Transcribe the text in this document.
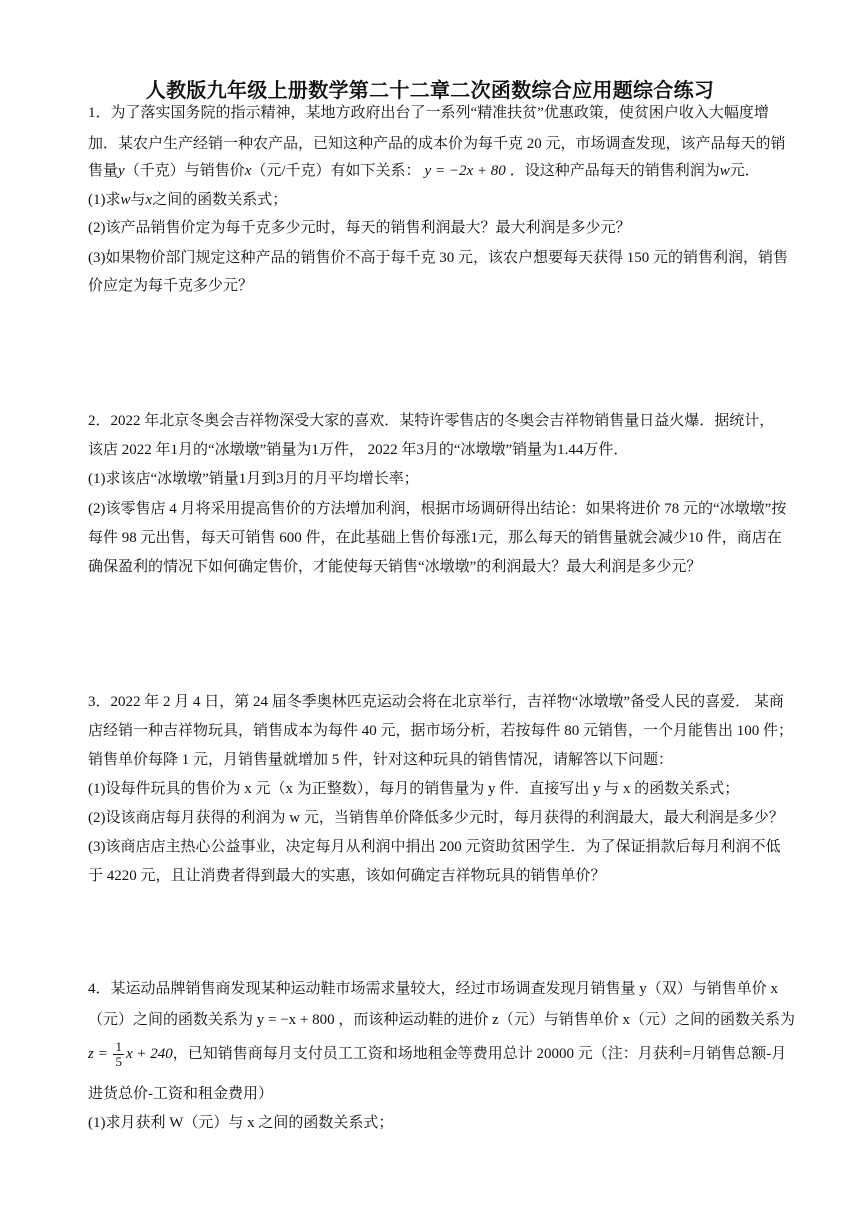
人教版九年级上册数学第二十二章二次函数综合应用题综合练习
1．为了落实国务院的指示精神，某地方政府出台了一系列“精准扶贫”优惠政策，使贫困户收入大幅度增
加．某农户生产经销一种农产品，已知这种产品的成本价为每千克 20 元，市场调查发现，该产品每天的销
售量y（千克）与销售价x（元/千克）有如下关系： y = −2x + 80 ．设这种产品每天的销售利润为w元．
(1)求w与x之间的函数关系式；
(2)该产品销售价定为每千克多少元时，每天的销售利润最大？最大利润是多少元？
(3)如果物价部门规定这种产品的销售价不高于每千克 30 元，该农户想要每天获得 150 元的销售利润，销售
价应定为每千克多少元？
2．2022 年北京冬奥会吉祥物深受大家的喜欢．某特许零售店的冬奥会吉祥物销售量日益火爆．据统计，
该店 2022 年1月的“冰墩墩”销量为1万件， 2022 年3月的“冰墩墩”销量为1.44万件．
(1)求该店“冰墩墩”销量1月到3月的月平均增长率；
(2)该零售店 4 月将采用提高售价的方法增加利润，根据市场调研得出结论：如果将进价 78 元的“冰墩墩”按
每件 98 元出售，每天可销售 600 件，在此基础上售价每涨1元，那么每天的销售量就会减少10 件，商店在
确保盈利的情况下如何确定售价，才能使每天销售“冰墩墩”的利润最大？最大利润是多少元？
3．2022 年 2 月 4 日，第 24 届冬季奥林匹克运动会将在北京举行，吉祥物“冰墩墩”备受人民的喜爱． 某商
店经销一种吉祥物玩具，销售成本为每件 40 元，据市场分析，若按每件 80 元销售，一个月能售出 100 件；
销售单价每降 1 元，月销售量就增加 5 件，针对这种玩具的销售情况，请解答以下问题：
(1)设每件玩具的售价为 x 元（x 为正整数），每月的销售量为 y 件．直接写出 y 与 x 的函数关系式；
(2)设该商店每月获得的利润为 w 元，当销售单价降低多少元时，每月获得的利润最大，最大利润是多少？
(3)该商店店主热心公益事业，决定每月从利润中捐出 200 元资助贫困学生．为了保证捐款后每月利润不低
于 4220 元，且让消费者得到最大的实惠，该如何确定吉祥物玩具的销售单价？
4．某运动品牌销售商发现某种运动鞋市场需求量较大，经过市场调查发现月销售量 y（双）与销售单价 x
（元）之间的函数关系为 y = −x + 800 ，而该种运动鞋的进价 z（元）与销售单价 x（元）之间的函数关系为
$z = \frac{1}{5}$ x + 240，已知销售商每月支付员工工资和场地租金等费用总计 20000 元（注：月获利=月销售总额-月
进货总价-工资和租金费用）
(1)求月获利 W（元）与 x 之间的函数关系式；
